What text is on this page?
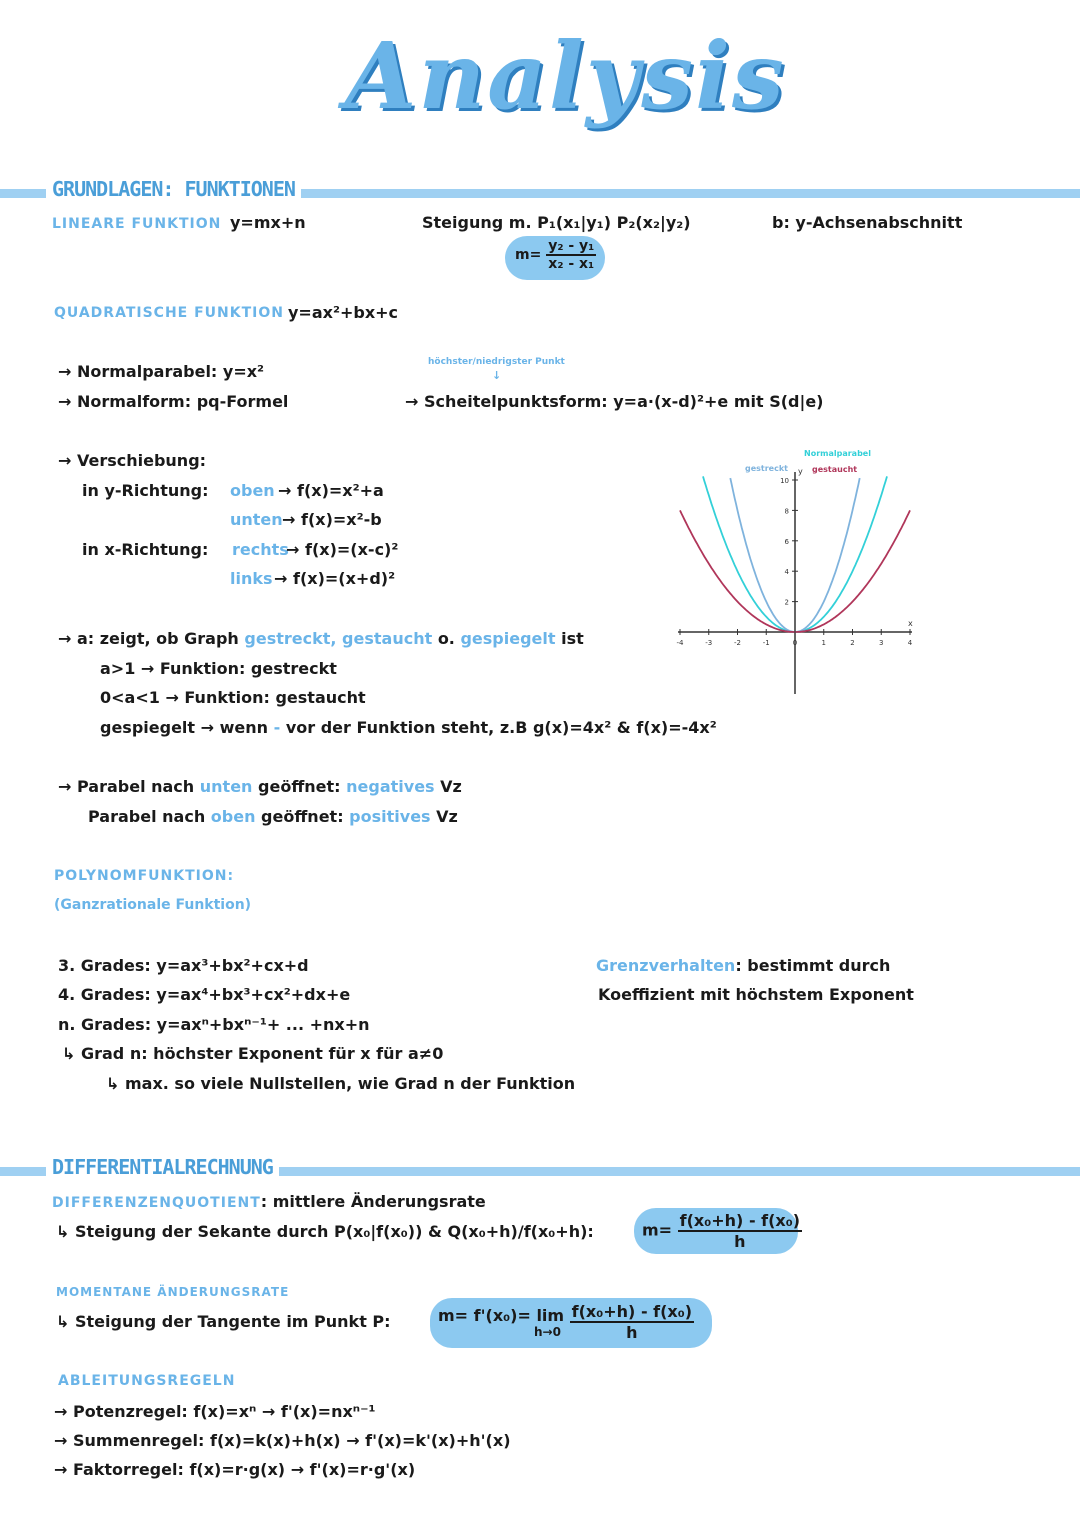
Analysis
GRUNDLAGEN: FUNKTIONEN
LINEARE FUNKTION y=mx+n	Steigung m. P₁(x₁|y₁) P₂(x₂|y₂)	b: y-Achsenabschnitt
$m= \frac{\text{y₂ - y₁}}{\text{x₂ - x₁}}$
QUADRATISCHE FUNKTION y=ax²+bx+c
→ Normalparabel: y=x²
→ Normalform: pq-Formel
höchster/niedrigster Punkt
↓
→ Scheitelpunktsform: y=a·(x-d)²+e mit S(d|e)
→ Verschiebung:
in y-Richtung: oben → f(x)=x²+a
unten → f(x)=x²-b
in x-Richtung: rechts
→ f(x)=(x-c)²
links → f(x)=(x+d)²
→ a: zeigt, ob Graph gestreckt, gestaucht o. gespiegelt ist
a>1 → Funktion: gestreckt
0<a<1 → Funktion: gestaucht
gespiegelt → wenn - vor der Funktion steht, z.B g(x)=4x² & f(x)=-4x²
→ Parabel nach unten geöffnet: negatives Vz
Parabel nach oben geöffnet: positives Vz
-4	-3	-2	-1	0	1	2	3	4
2
4
6
8
10
x
y
Normalparabel
gestreckt	gestaucht
POLYNOMFUNKTION:
(Ganzrationale Funktion)
3. Grades: y=ax³+bx²+cx+d
4. Grades: y=ax⁴+bx³+cx²+dx+e
n. Grades: y=axⁿ+bxⁿ⁻¹+ ... +nx+n
↳ Grad n: höchster Exponent für x für a≠0
↳ max. so viele Nullstellen, wie Grad n der Funktion
Grenzverhalten: bestimmt durch
Koeffizient mit höchstem Exponent
DIFFERENTIALRECHNUNG
DIFFERENZENQUOTIENT: mittlere Änderungsrate
↳ Steigung der Sekante durch P(x₀|f(x₀)) & Q(x₀+h)/f(x₀+h):	$m= \frac{\text{f(x₀+h) - f(x₀)}}{h}$
MOMENTANE ÄNDERUNGSRATE
↳ Steigung der Tangente im Punkt P:	m= f'(x₀)= lim
h→0
$\frac{\text{f(x₀+h) - f(x₀)}}{h}$
ABLEITUNGSREGELN
→ Potenzregel: f(x)=xⁿ → f'(x)=nxⁿ⁻¹
→ Summenregel: f(x)=k(x)+h(x) → f'(x)=k'(x)+h'(x)
→ Faktorregel: f(x)=r·g(x) → f'(x)=r·g'(x)
